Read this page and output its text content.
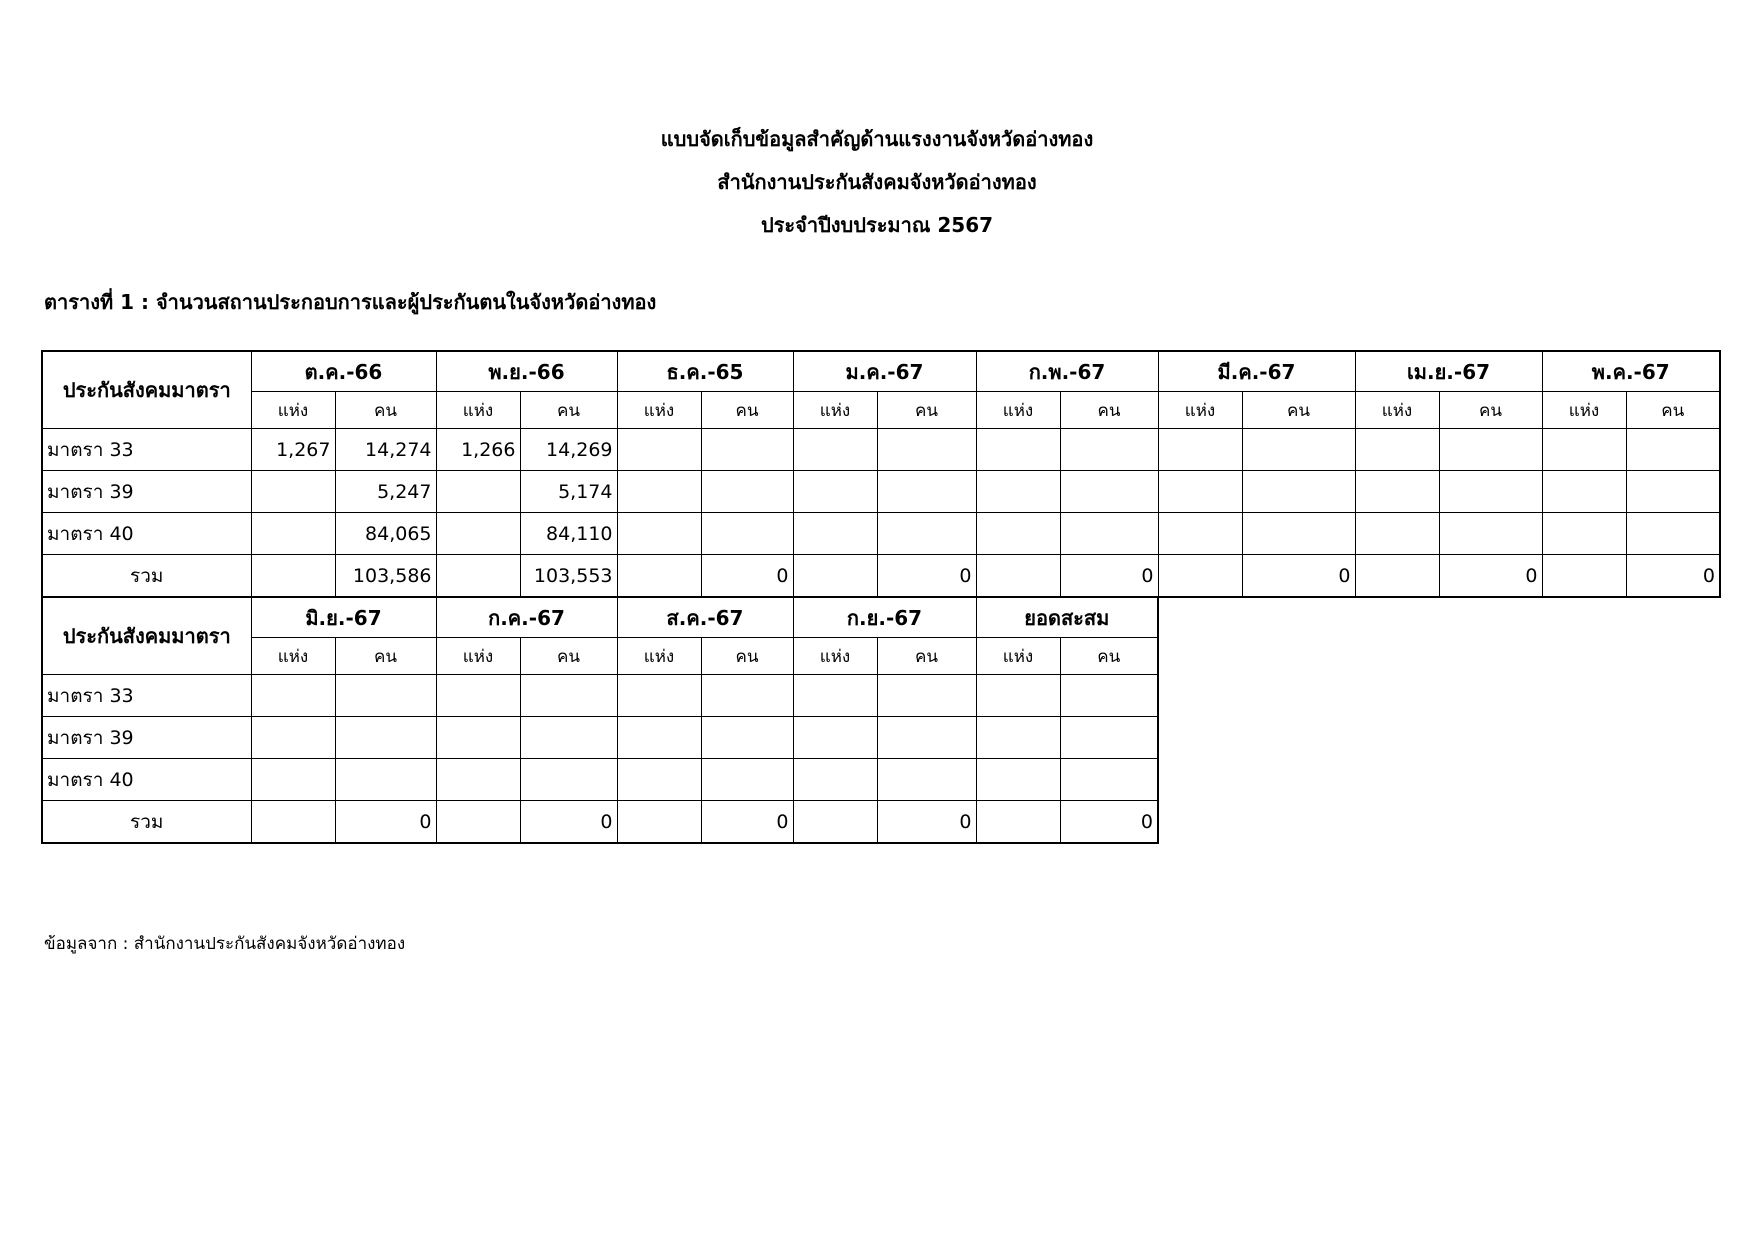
แบบจัดเก็บข้อมูลสำคัญด้านแรงงานจังหวัดอ่างทอง
สำนักงานประกันสังคมจังหวัดอ่างทอง
ประจำปีงบประมาณ 2567
ตารางที่ 1 : จำนวนสถานประกอบการและผู้ประกันตนในจังหวัดอ่างทอง
ประกันสังคมมาตรา	ต.ค.-66		พ.ย.-66		ธ.ค.-65		ม.ค.-67		ก.พ.-67		มี.ค.-67		เม.ย.-67		พ.ค.-67	
	แห่ง	คน	แห่ง	คน	แห่ง	คน	แห่ง	คน	แห่ง	คน	แห่ง	คน	แห่ง	คน	แห่ง	คน
มาตรา 33	1,267	14,274	1,266	14,269												
มาตรา 39		5,247		5,174												
มาตรา 40		84,065		84,110												
รวม		103,586		103,553		0		0		0		0		0		0
ประกันสังคมมาตรา	มิ.ย.-67		ก.ค.-67		ส.ค.-67		ก.ย.-67		ยอดสะสม	
	แห่ง	คน	แห่ง	คน	แห่ง	คน	แห่ง	คน	แห่ง	คน
มาตรา 33										
มาตรา 39										
มาตรา 40										
รวม		0		0		0		0		0
ข้อมูลจาก : สำนักงานประกันสังคมจังหวัดอ่างทอง
